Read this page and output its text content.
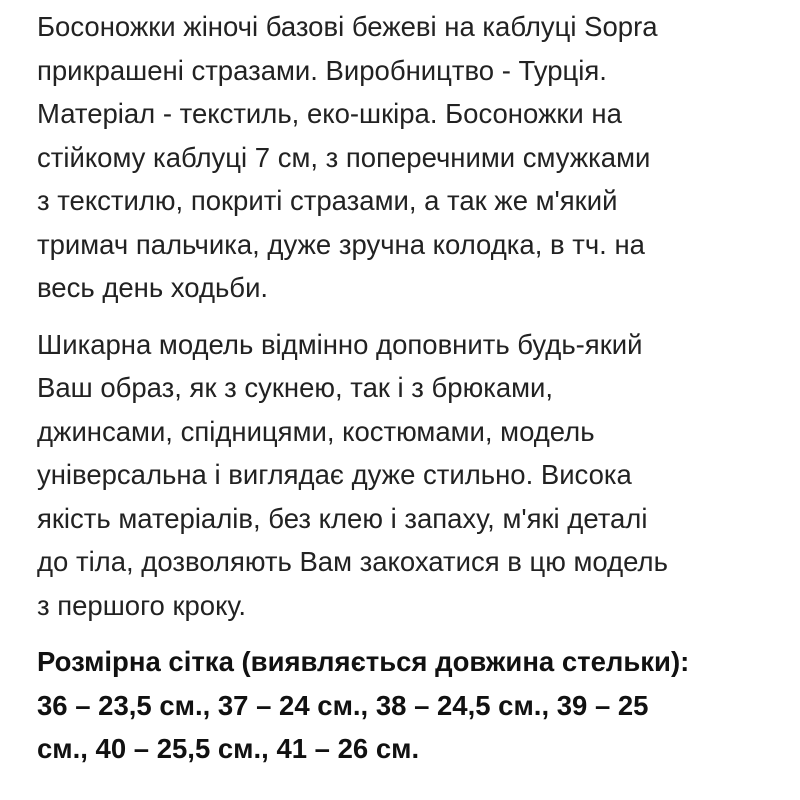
Босоножки жіночі базові бежеві на каблуці Sopra
прикрашені стразами. Виробництво - Турція.
Матеріал - текстиль, еко-шкіра. Босоножки на
стійкому каблуці 7 см, з поперечними смужками
з текстилю, покриті стразами, а так же м'який
тримач пальчика, дуже зручна колодка, в тч. на
весь день ходьби.

Шикарна модель відмінно доповнить будь-який
Ваш образ, як з сукнею, так і з брюками,
джинсами, спідницями, костюмами, модель
універсальна і виглядає дуже стильно. Висока
якість матеріалів, без клею і запаху, м'які деталі
до тіла, дозволяють Вам закохатися в цю модель
з першого кроку.

Розмірна сітка (виявляється довжина стельки):
36 – 23,5 см., 37 – 24 см., 38 – 24,5 см., 39 – 25
см., 40 – 25,5 см., 41 – 26 см.
